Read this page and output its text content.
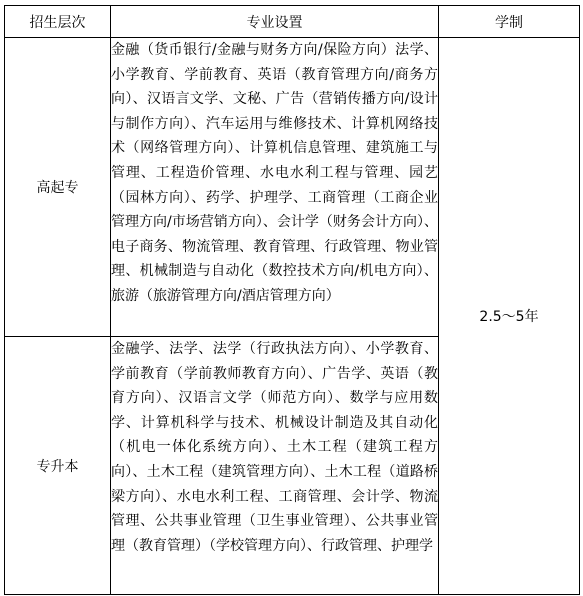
招生层次	专业设置	学制
高起专	金融（货币银行/金融与财务方向/保险方向）法学、小学教育、学前教育、英语（教育管理方向/商务方向）、汉语言文学、文秘、广告（营销传播方向/设计与制作方向）、汽车运用与维修技术、计算机网络技术（网络管理方向）、计算机信息管理、建筑施工与管理、工程造价管理、水电水利工程与管理、园艺（园林方向）、药学、护理学、工商管理（工商企业管理方向/市场营销方向）、会计学（财务会计方向）、电子商务、物流管理、教育管理、行政管理、物业管理、机械制造与自动化（数控技术方向/机电方向）、旅游（旅游管理方向/酒店管理方向）	2.5～5年
专升本	金融学、法学、法学（行政执法方向）、小学教育、学前教育（学前教师教育方向）、广告学、英语（教育方向）、汉语言文学（师范方向）、数学与应用数学、计算机科学与技术、机械设计制造及其自动化（机电一体化系统方向）、土木工程（建筑工程方向）、土木工程（建筑管理方向）、土木工程（道路桥梁方向）、水电水利工程、工商管理、会计学、物流管理、公共事业管理（卫生事业管理）、公共事业管理（教育管理）（学校管理方向）、行政管理、护理学	
